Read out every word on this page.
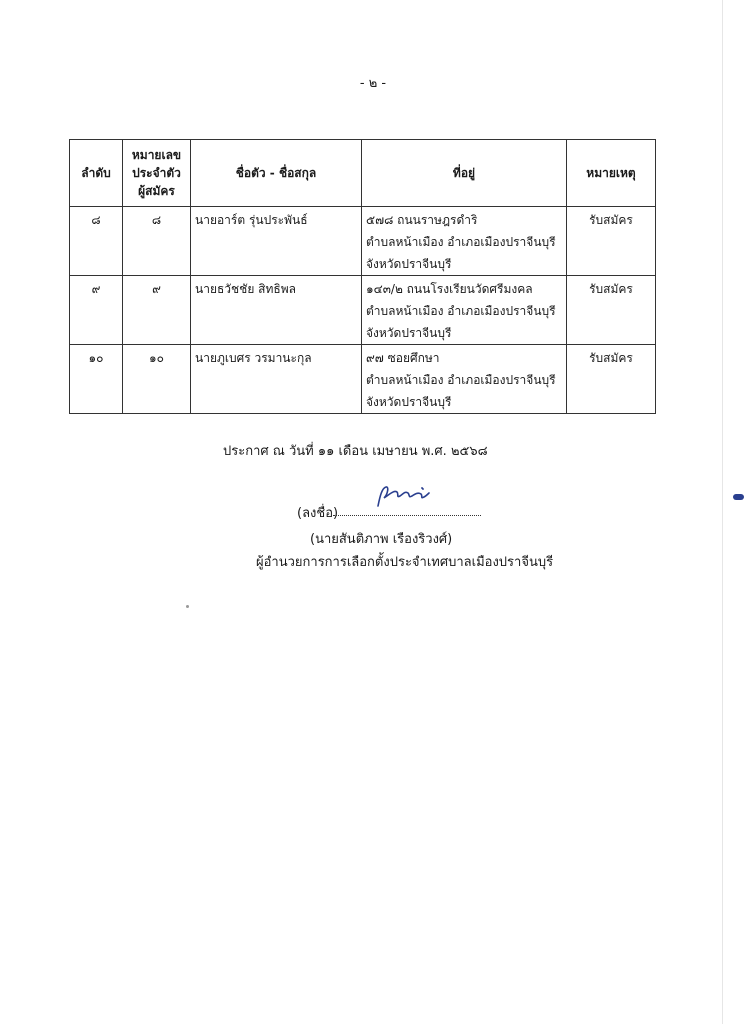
- ๒ -
ลำดับ	หมายเลข
ประจำตัว
ผู้สมัคร	ชื่อตัว - ชื่อสกุล	ที่อยู่	หมายเหตุ
๘	๘	นายอาร์ต รุ่นประพันธ์	๕๗๘ ถนนราษฎรดำริ
ตำบลหน้าเมือง อำเภอเมืองปราจีนบุรี
จังหวัดปราจีนบุรี	รับสมัคร
๙	๙	นายธวัชชัย สิทธิพล	๑๔๓/๒ ถนนโรงเรียนวัดศรีมงคล
ตำบลหน้าเมือง อำเภอเมืองปราจีนบุรี
จังหวัดปราจีนบุรี	รับสมัคร
๑๐	๑๐	นายภูเบศร วรมานะกุล	๙๗ ซอยศึกษา
ตำบลหน้าเมือง อำเภอเมืองปราจีนบุรี
จังหวัดปราจีนบุรี	รับสมัคร
ประกาศ ณ วันที่ ๑๑ เดือน เมษายน พ.ศ. ๒๕๖๘
(ลงชื่อ)
(นายสันติภาพ เรืองริวงศ์)
ผู้อำนวยการการเลือกตั้งประจำเทศบาลเมืองปราจีนบุรี
